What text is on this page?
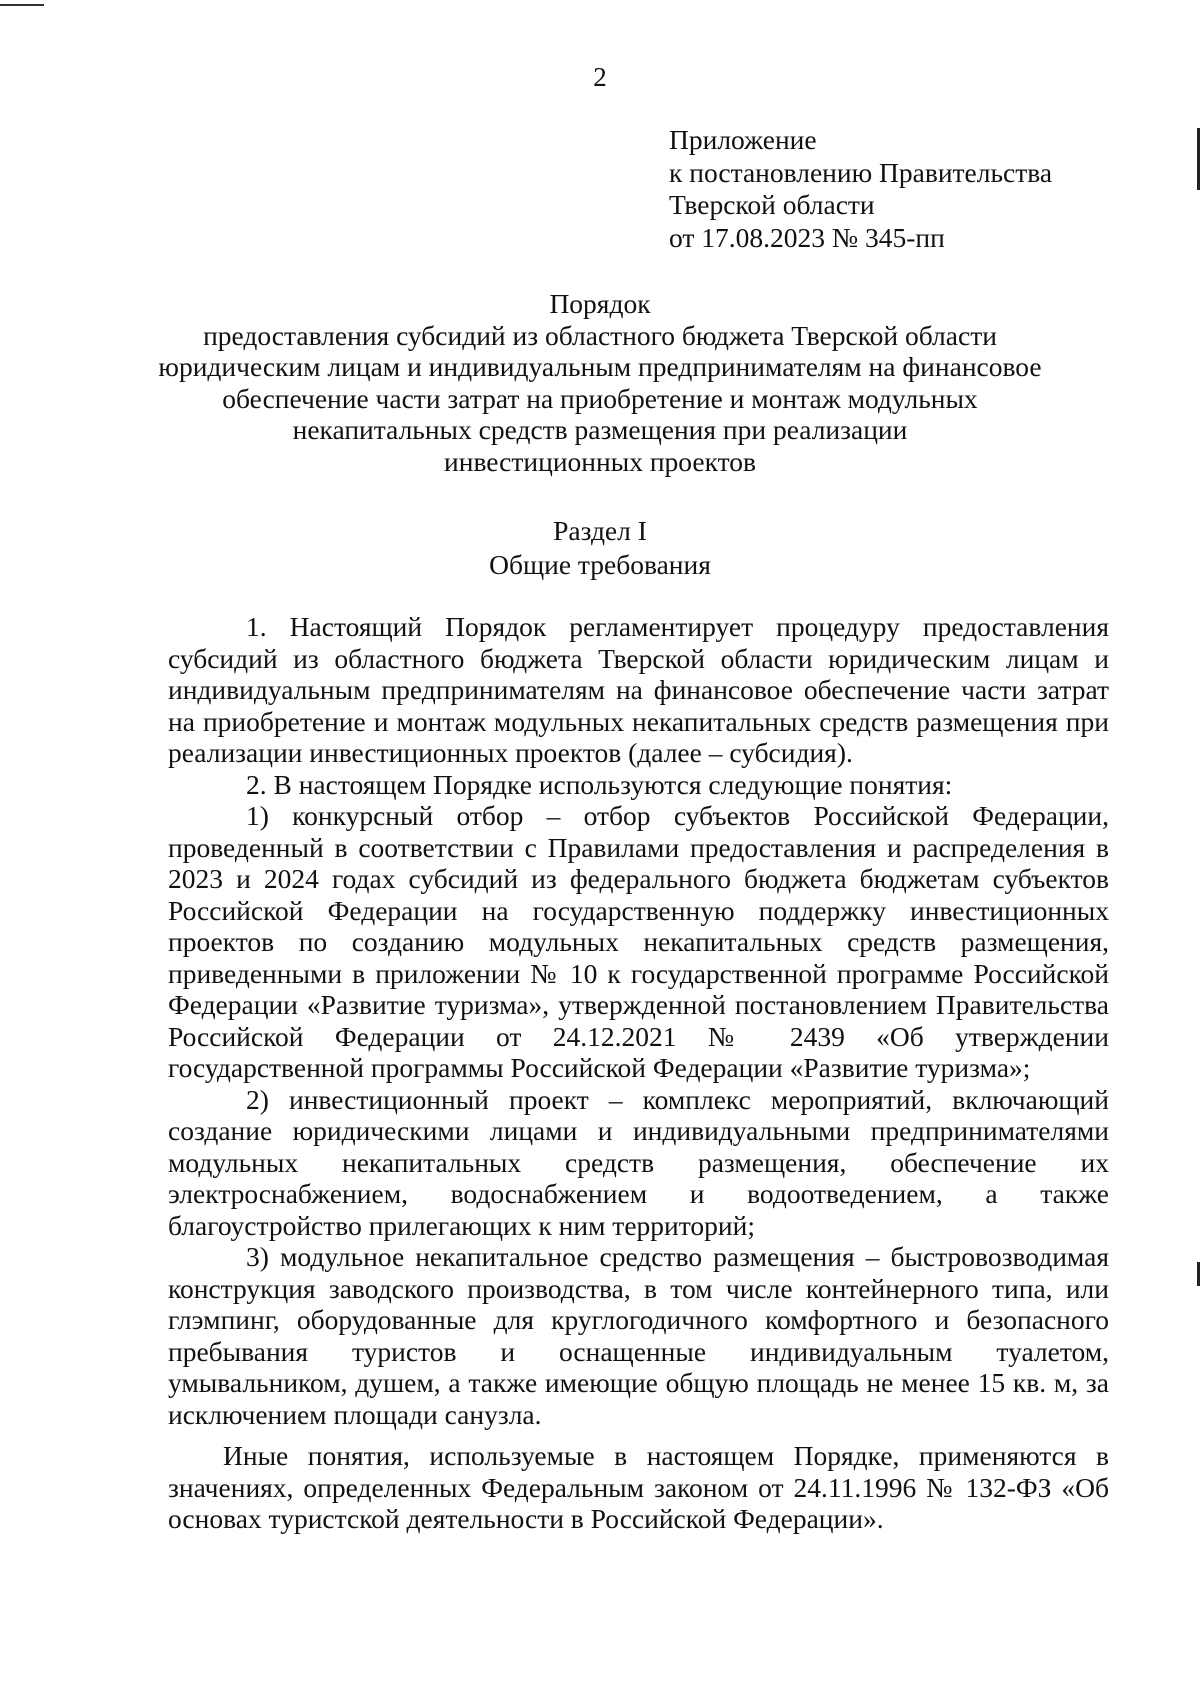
2
Приложение
к постановлению Правительства
Тверской области
от 17.08.2023 № 345-пп
Порядок
предоставления субсидий из областного бюджета Тверской области
юридическим лицам и индивидуальным предпринимателям на финансовое
обеспечение части затрат на приобретение и монтаж модульных
некапитальных средств размещения при реализации
инвестиционных проектов
Раздел I
Общие требования

1. Настоящий Порядок регламентирует процедуру предоставления субсидий из областного бюджета Тверской области юридическим лицам и индивидуальным предпринимателям на финансовое обеспечение части затрат на приобретение и монтаж модульных некапитальных средств размещения при реализации инвестиционных проектов (далее – субсидия).

2. В настоящем Порядке используются следующие понятия:

1) конкурсный отбор – отбор субъектов Российской Федерации, проведенный в соответствии с Правилами предоставления и распределения в 2023 и 2024 годах субсидий из федерального бюджета бюджетам субъектов Российской Федерации на государственную поддержку инвестиционных проектов по созданию модульных некапитальных средств размещения, приведенными в приложении № 10 к государственной программе Российской Федерации «Развитие туризма», утвержденной постановлением Правительства Российской Федерации от 24.12.2021 № 2439 «Об утверждении государственной программы Российской Федерации «Развитие туризма»;

2) инвестиционный проект – комплекс мероприятий, включающий создание юридическими лицами и индивидуальными предпринимателями модульных некапитальных средств размещения, обеспечение их электроснабжением, водоснабжением и водоотведением, а также благоустройство прилегающих к ним территорий;

3) модульное некапитальное средство размещения – быстровозводимая конструкция заводского производства, в том числе контейнерного типа, или глэмпинг, оборудованные для круглогодичного комфортного и безопасного пребывания туристов и оснащенные индивидуальным туалетом, умывальником, душем, а также имеющие общую площадь не менее 15 кв. м, за исключением площади санузла.

Иные понятия, используемые в настоящем Порядке, применяются в значениях, определенных Федеральным законом от 24.11.1996 № 132-ФЗ «Об основах туристской деятельности в Российской Федерации».
